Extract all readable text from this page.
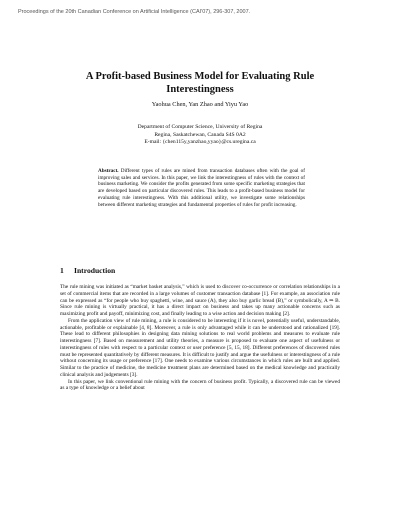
Proceedings of the 20th Canadian Conference on Artificial Intelligence (CAI'07), 296-307, 2007.
A Profit-based Business Model for Evaluating Rule Interestingness
Yaohua Chen, Yan Zhao and Yiyu Yao
Department of Computer Science, University of Regina
Regina, Saskatchewan, Canada S4S 0A2
E-mail: {chen115y,yanzhao,yyao}@cs.uregina.ca
Abstract. Different types of rules are mined from transaction databases often with the goal of improving sales and services. In this paper, we link the interestingness of rules with the context of business marketing. We consider the profits generated from some specific marketing strategies that are developed based on particular discovered rules. This leads to a profit-based business model for evaluating rule interestingness. With this additional utility, we investigate some relationships between different marketing strategies and fundamental properties of rules for profit increasing.
1 Introduction

The rule mining was initiated as “market basket analysis,” which is used to discover co-occurrence or correlation relationships in a set of commercial items that are recorded in a large volumes of customer transaction database [1]. For example, an association rule can be expressed as “for people who buy spaghetti, wine, and sauce (A), they also buy garlic bread (B),” or symbolically, A ⇒ B. Since rule mining is virtually practical, it has a direct impact on business and takes up many actionable concerns such as maximizing profit and payoff, minimizing cost, and finally leading to a wise action and decision making [2].

From the application view of rule mining, a rule is considered to be interesting if it is novel, potentially useful, understandable, actionable, profitable or explainable [4, 8]. Moreover, a rule is only advantaged while it can be understood and rationalized [19]. These lead to different philosophies in designing data mining solutions to real world problems and measures to evaluate rule interestingness [7]. Based on measurement and utility theories, a measure is proposed to evaluate one aspect of usefulness or interestingness of rules with respect to a particular context or user preference [5, 15, 18]. Different preferences of discovered rules must be represented quantitatively by different measures. It is difficult to justify and argue the usefulness or interestingness of a rule without concerning its usage or preference [17]. One needs to examine various circumstances in which rules are built and applied. Similar to the practice of medicine, the medicine treatment plans are determined based on the medical knowledge and practically clinical analysis and judgements [3].

In this paper, we link conventional rule mining with the concern of business profit. Typically, a discovered rule can be viewed as a type of knowledge or a belief about
